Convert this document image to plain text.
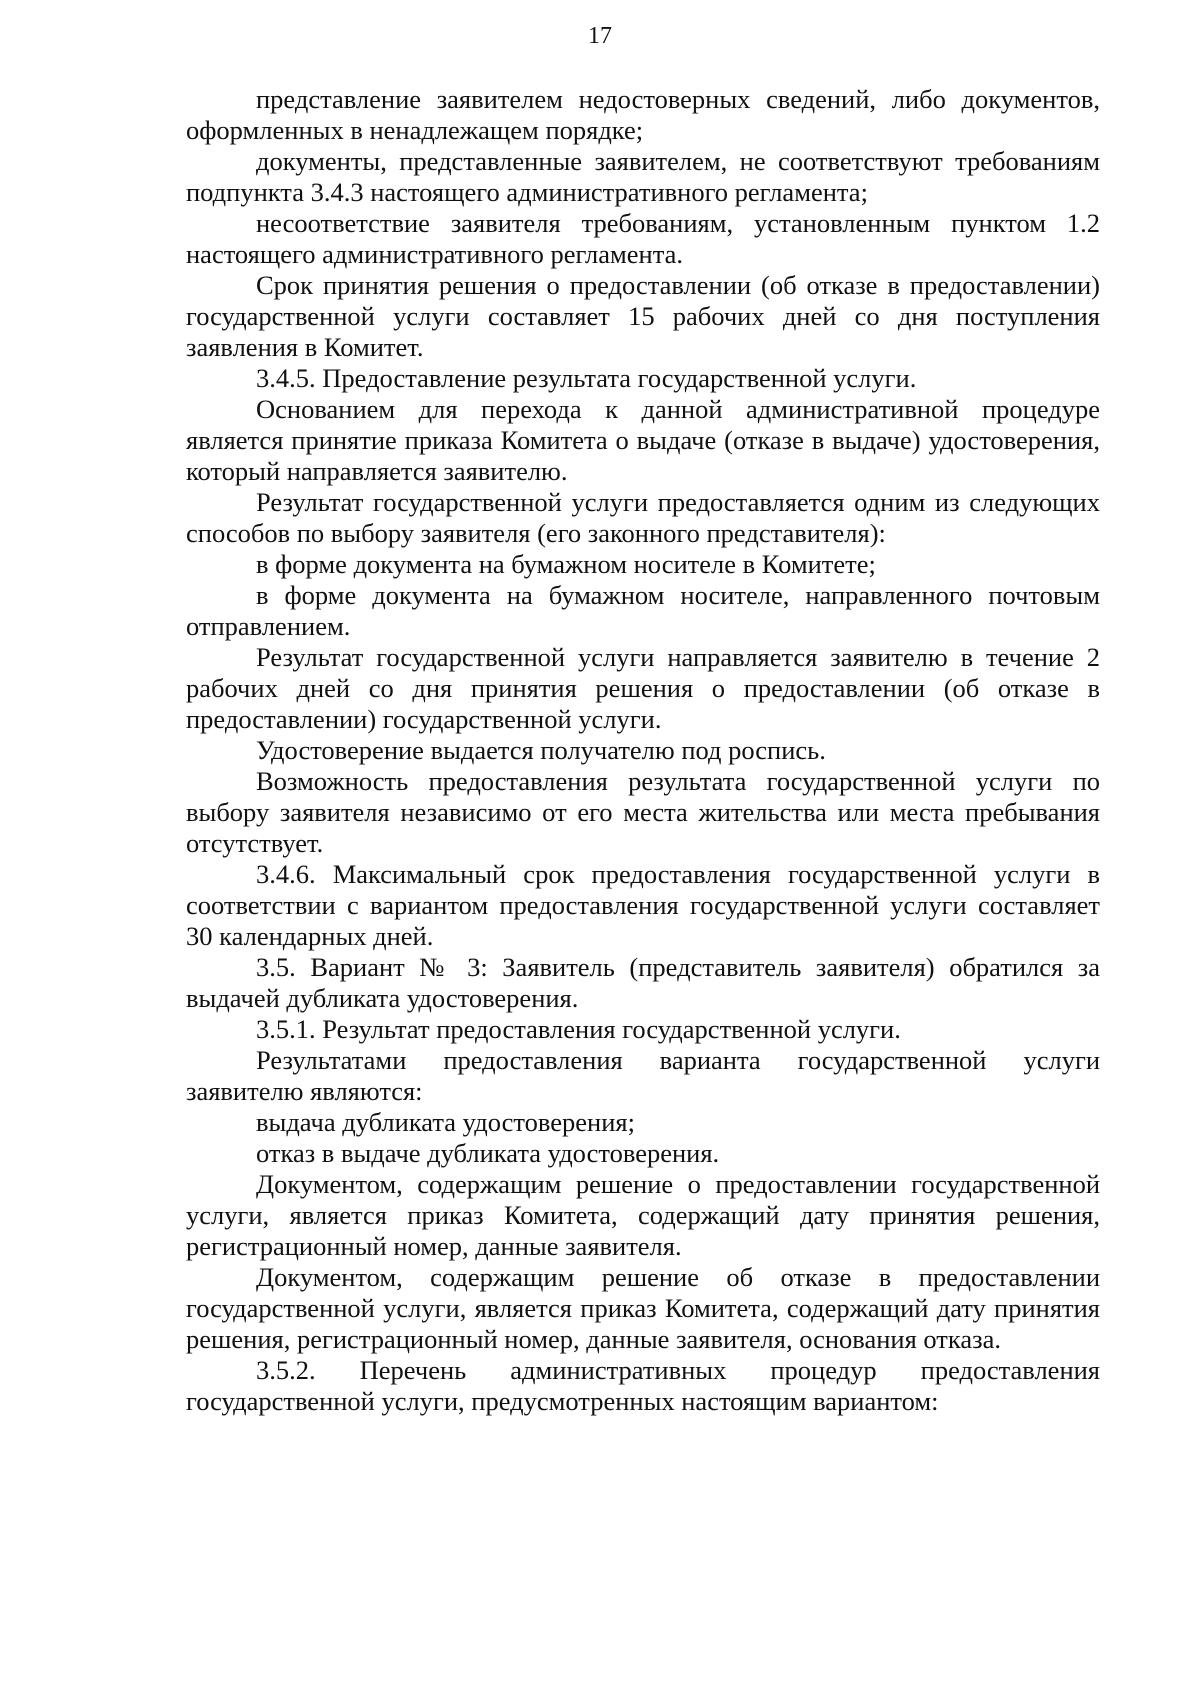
17

представление заявителем недостоверных сведений, либо документов, оформленных в ненадлежащем порядке;

документы, представленные заявителем, не соответствуют требованиям подпункта 3.4.3 настоящего административного регламента;

несоответствие заявителя требованиям, установленным пунктом 1.2 настоящего административного регламента.

Срок принятия решения о предоставлении (об отказе в предоставлении) государственной услуги составляет 15 рабочих дней со дня поступления заявления в Комитет.

3.4.5. Предоставление результата государственной услуги.

Основанием для перехода к данной административной процедуре является принятие приказа Комитета о выдаче (отказе в выдаче) удостоверения, который направляется заявителю.

Результат государственной услуги предоставляется одним из следующих способов по выбору заявителя (его законного представителя):

в форме документа на бумажном носителе в Комитете;

в форме документа на бумажном носителе, направленного почтовым отправлением.

Результат государственной услуги направляется заявителю в течение 2 рабочих дней со дня принятия решения о предоставлении (об отказе в предоставлении) государственной услуги.

Удостоверение выдается получателю под роспись.

Возможность предоставления результата государственной услуги по выбору заявителя независимо от его места жительства или места пребывания отсутствует.

3.4.6. Максимальный срок предоставления государственной услуги в соответствии с вариантом предоставления государственной услуги составляет 30 календарных дней.

3.5. Вариант № 3: Заявитель (представитель заявителя) обратился за выдачей дубликата удостоверения.

3.5.1. Результат предоставления государственной услуги.

Результатами предоставления варианта государственной услуги заявителю являются:

выдача дубликата удостоверения;

отказ в выдаче дубликата удостоверения.

Документом, содержащим решение о предоставлении государственной услуги, является приказ Комитета, содержащий дату принятия решения, регистрационный номер, данные заявителя.

Документом, содержащим решение об отказе в предоставлении государственной услуги, является приказ Комитета, содержащий дату принятия решения, регистрационный номер, данные заявителя, основания отказа.

3.5.2. Перечень административных процедур предоставления государственной услуги, предусмотренных настоящим вариантом:
